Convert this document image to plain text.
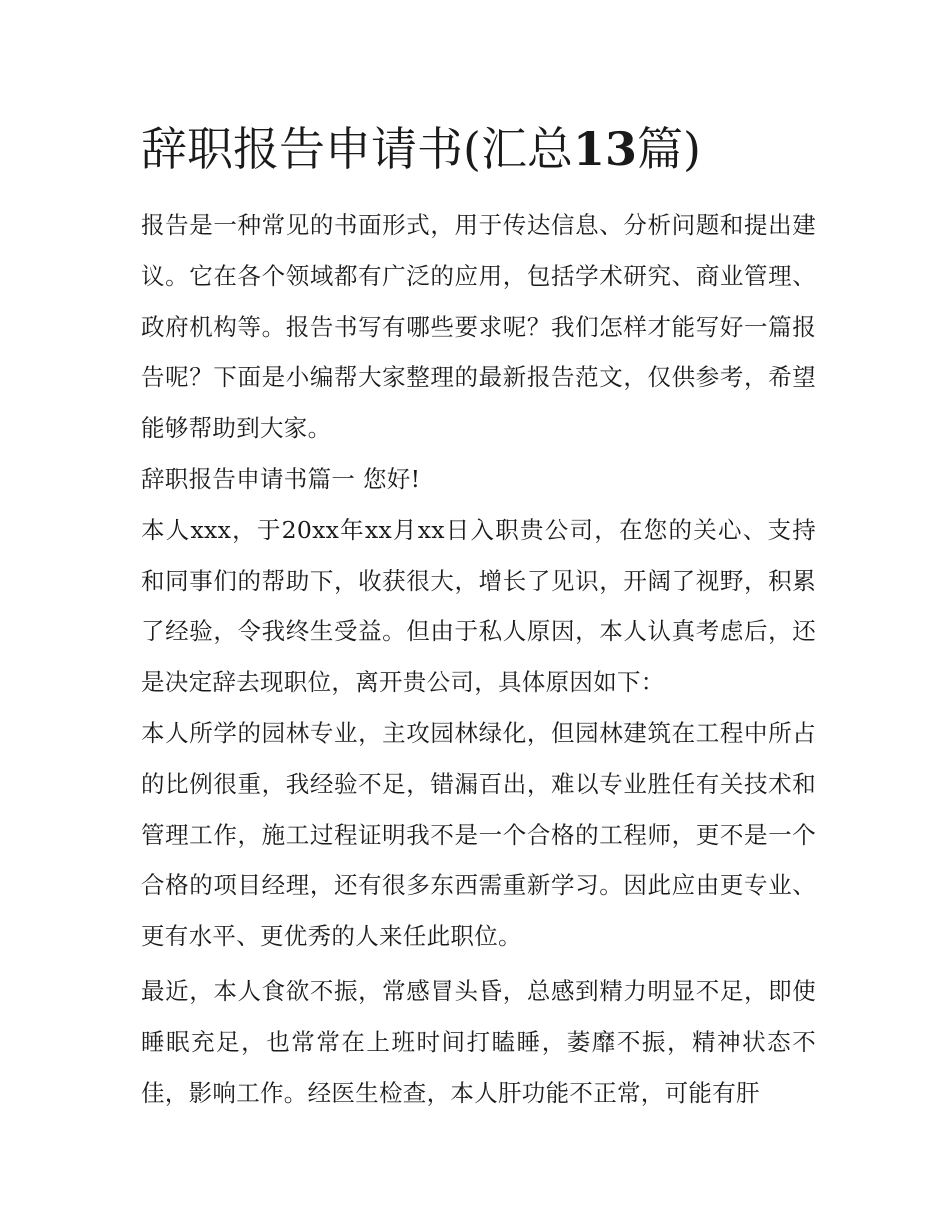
辞职报告申请书(汇总13篇)

报告是一种常见的书面形式，用于传达信息、分析问题和提出建议。它在各个领域都有广泛的应用，包括学术研究、商业管理、政府机构等。报告书写有哪些要求呢？我们怎样才能写好一篇报告呢？下面是小编帮大家整理的最新报告范文，仅供参考，希望能够帮助到大家。

辞职报告申请书篇一 您好!

本人xxx，于20xx年xx月xx日入职贵公司，在您的关心、支持和同事们的帮助下，收获很大，增长了见识，开阔了视野，积累了经验，令我终生受益。但由于私人原因，本人认真考虑后，还是决定辞去现职位，离开贵公司，具体原因如下：

本人所学的园林专业，主攻园林绿化，但园林建筑在工程中所占的比例很重，我经验不足，错漏百出，难以专业胜任有关技术和管理工作，施工过程证明我不是一个合格的工程师，更不是一个合格的项目经理，还有很多东西需重新学习。因此应由更专业、更有水平、更优秀的人来任此职位。

最近，本人食欲不振，常感冒头昏，总感到精力明显不足，即使睡眠充足，也常常在上班时间打瞌睡，萎靡不振，精神状态不佳，影响工作。经医生检查，本人肝功能不正常，可能有肝
